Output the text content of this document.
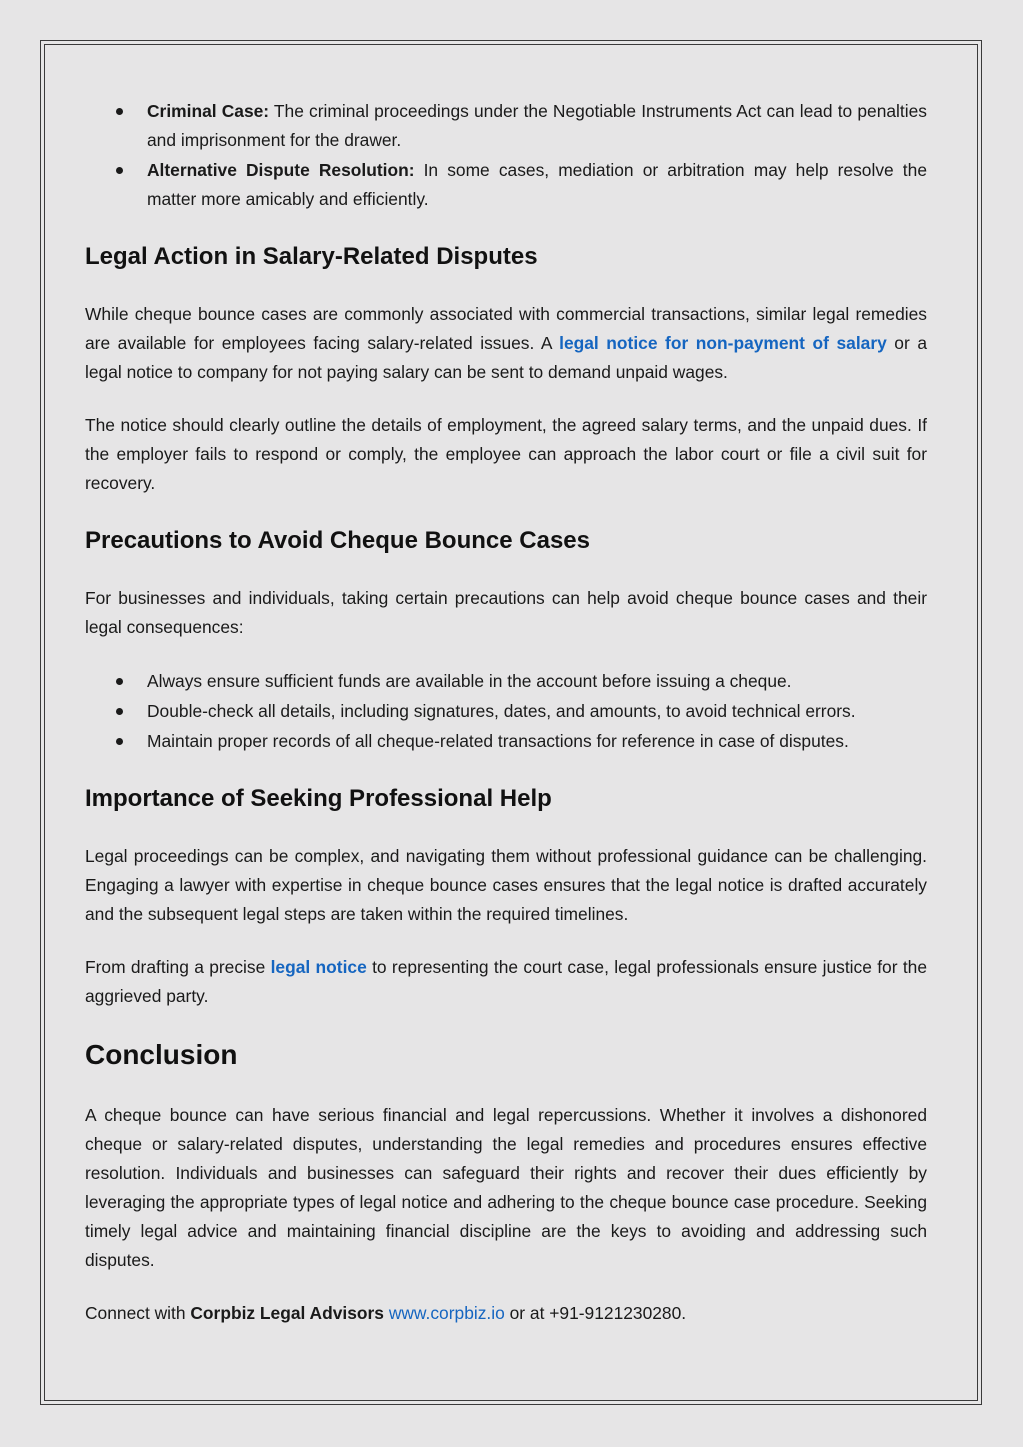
Criminal Case: The criminal proceedings under the Negotiable Instruments Act can lead to penalties and imprisonment for the drawer.
Alternative Dispute Resolution: In some cases, mediation or arbitration may help resolve the matter more amicably and efficiently.
Legal Action in Salary-Related Disputes

While cheque bounce cases are commonly associated with commercial transactions, similar legal remedies are available for employees facing salary-related issues. A legal notice for non-payment of salary or a legal notice to company for not paying salary can be sent to demand unpaid wages.

The notice should clearly outline the details of employment, the agreed salary terms, and the unpaid dues. If the employer fails to respond or comply, the employee can approach the labor court or file a civil suit for recovery.

Precautions to Avoid Cheque Bounce Cases

For businesses and individuals, taking certain precautions can help avoid cheque bounce cases and their legal consequences:

Always ensure sufficient funds are available in the account before issuing a cheque.
Double-check all details, including signatures, dates, and amounts, to avoid technical errors.
Maintain proper records of all cheque-related transactions for reference in case of disputes.
Importance of Seeking Professional Help

Legal proceedings can be complex, and navigating them without professional guidance can be challenging. Engaging a lawyer with expertise in cheque bounce cases ensures that the legal notice is drafted accurately and the subsequent legal steps are taken within the required timelines.

From drafting a precise legal notice to representing the court case, legal professionals ensure justice for the aggrieved party.

Conclusion

A cheque bounce can have serious financial and legal repercussions. Whether it involves a dishonored cheque or salary-related disputes, understanding the legal remedies and procedures ensures effective resolution. Individuals and businesses can safeguard their rights and recover their dues efficiently by leveraging the appropriate types of legal notice and adhering to the cheque bounce case procedure. Seeking timely legal advice and maintaining financial discipline are the keys to avoiding and addressing such disputes.

Connect with Corpbiz Legal Advisors www.corpbiz.io or at +91-9121230280.
